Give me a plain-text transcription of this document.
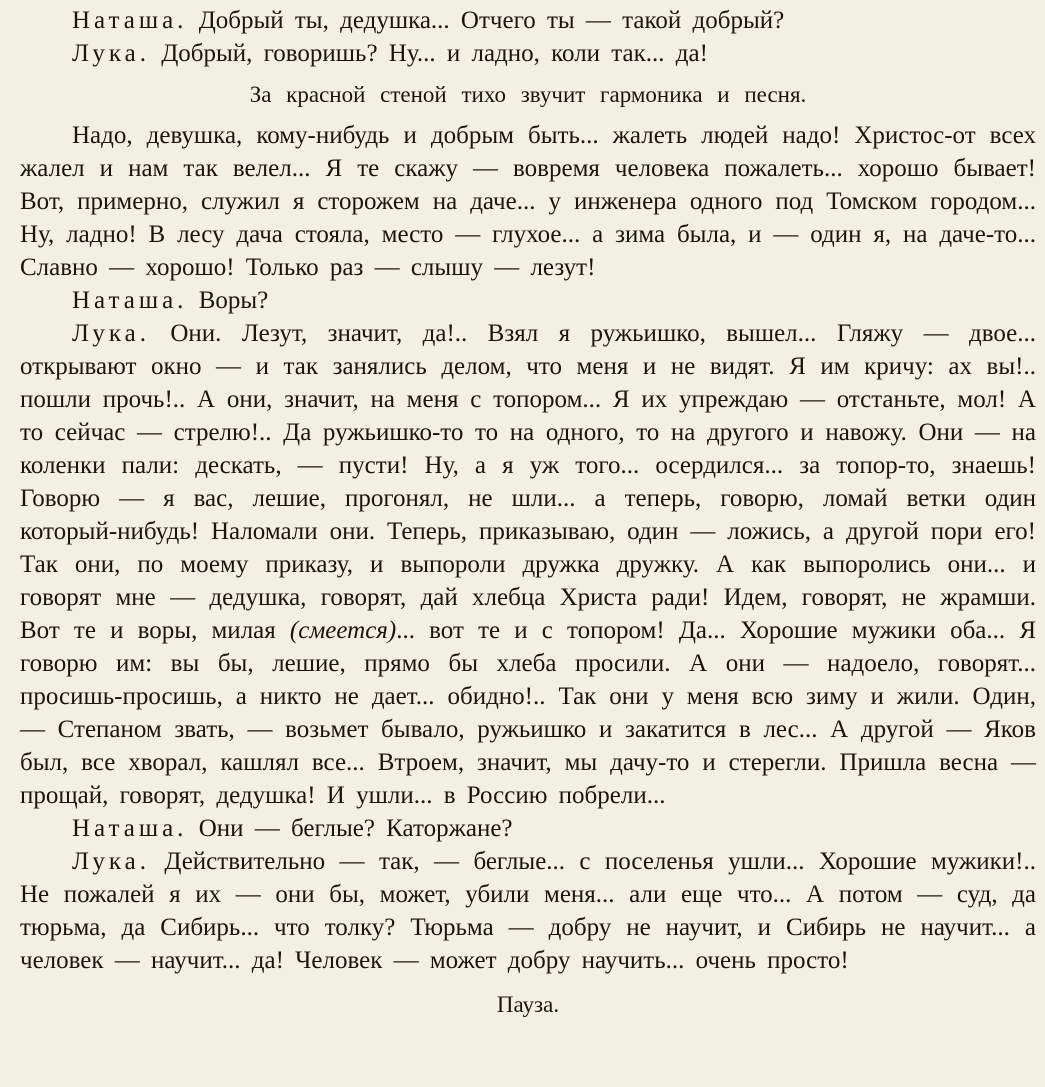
Наташа. Добрый ты, дедушка... Отчего ты — такой добрый?

Лука. Добрый, говоришь? Ну... и ладно, коли так... да!

За красной стеной тихо звучит гармоника и песня.

Надо, девушка, кому-нибудь и добрым быть... жалеть людей надо! Христос-от всех жалел и нам так велел... Я те скажу — вовремя человека пожалеть... хорошо бывает! Вот, примерно, служил я сторожем на даче... у инженера одного под Томском городом... Ну, ладно! В лесу дача стояла, место — глухое... а зима была, и — один я, на даче-то... Славно — хорошо! Только раз — слышу — лезут!

Наташа. Воры?

Лука. Они. Лезут, значит, да!.. Взял я ружьишко, вышел... Гляжу — двое... открывают окно — и так занялись делом, что меня и не видят. Я им кричу: ах вы!.. пошли прочь!.. А они, значит, на меня с топором... Я их упреждаю — отстаньте, мол! А то сейчас — стрелю!.. Да ружьишко-то то на одного, то на другого и навожу. Они — на коленки пали: дескать, — пусти! Ну, а я уж того... осердился... за топор-то, знаешь! Говорю — я вас, лешие, прогонял, не шли... а теперь, говорю, ломай ветки один который-нибудь! Наломали они. Теперь, приказываю, один — ложись, а другой пори его! Так они, по моему приказу, и выпороли дружка дружку. А как выпоролись они... и говорят мне — дедушка, говорят, дай хлебца Христа ради! Идем, говорят, не жрамши. Вот те и воры, милая (смеется)... вот те и с топором! Да... Хорошие мужики оба... Я говорю им: вы бы, лешие, прямо бы хлеба просили. А они — надоело, говорят... просишь-просишь, а никто не дает... обидно!.. Так они у меня всю зиму и жили. Один, — Степаном звать, — возьмет бывало, ружьишко и закатится в лес... А другой — Яков был, все хворал, кашлял все... Втроем, значит, мы дачу-то и стерегли. Пришла весна — прощай, говорят, дедушка! И ушли... в Россию побрели...

Наташа. Они — беглые? Каторжане?

Лука. Действительно — так, — беглые... с поселенья ушли... Хорошие мужики!.. Не пожалей я их — они бы, может, убили меня... али еще что... А потом — суд, да тюрьма, да Сибирь... что толку? Тюрьма — добру не научит, и Сибирь не научит... а человек — научит... да! Человек — может добру научить... очень просто!

Пауза.
